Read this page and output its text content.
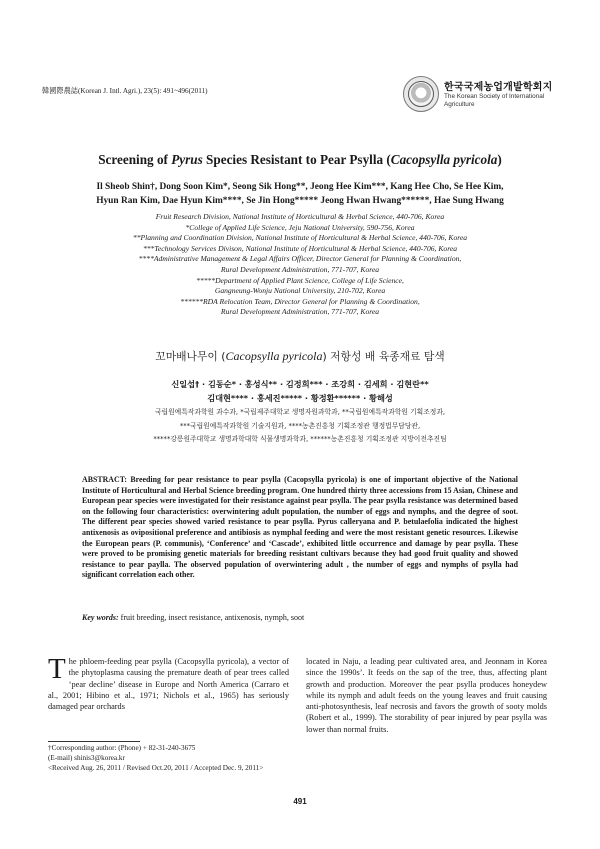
韓國際農誌(Korean J. Intl. Agri.), 23(5): 491~496(2011)	한국국제농업개발학회지
The Korean Society of International
Agriculture
Screening of Pyrus Species Resistant to Pear Psylla (Cacopsylla pyricola)
Il Sheob Shin†, Dong Soon Kim*, Seong Sik Hong**, Jeong Hee Kim***, Kang Hee Cho, Se Hee Kim,
Hyun Ran Kim, Dae Hyun Kim****, Se Jin Hong***** Jeong Hwan Hwang******, Hae Sung Hwang
Fruit Research Division, National Institute of Horticultural & Herbal Science, 440-706, Korea
*College of Applied Life Science, Jeju National University, 590-756, Korea
**Planning and Coordination Division, National Institute of Horticultural & Herbal Science, 440-706, Korea
***Technology Services Divison, National Institute of Horticultural & Herbal Science, 440-706, Korea
****Administrative Management & Legal Affairs Officer, Director General for Planning & Coordination,
Rural Development Administration, 771-707, Korea
*****Department of Applied Plant Science, College of Life Science,
Gangneung-Wonju National University, 210-702, Korea
******RDA Relocation Team, Director General for Planning & Coordination,
Rural Development Administration, 771-707, Korea
꼬마배나무이 (Cacopsylla pyricola) 저항성 배 육종재료 탐색
신일섭† · 김동순* · 홍성식** · 김정희*** · 조강희 · 김세희 · 김현란**
김대현**** · 홍세진***** · 황정환****** · 황해성
국립원예특작과학원 과수과, *국립제주대학교 생명자원과학과, **국립원예특작과학원 기획조정과,
***국립원예특작과학원 기술지원과, ****농촌진흥청 기획조정관 행정법무담당관,
*****강릉원주대학교 생명과학대학 식물생명과학과, ******농촌진흥청 기획조정관 지방이전추진팀
ABSTRACT: Breeding for pear resistance to pear psylla (Cacopsylla pyricola) is one of important objective of the National Institute of Horticultural and Herbal Science breeding program. One hundred thirty three accessions from 15 Asian, Chinese and European pear species were investigated for their resistance against pear psylla. The pear psylla resistance was determined based on the following four characteristics: overwintering adult population, the number of eggs and nymphs, and the degree of soot. The different pear species showed varied resistance to pear psylla. Pyrus calleryana and P. betulaefolia indicated the highest antixenosis as ovipositional preference and antibiosis as nymphal feeding and were the most resistant genetic resources. Likewise the European pears (P. communis), ‘Conference’ and ‘Cascade’, exhibited little occurrence and damage by pear psylla. These were proved to be promising genetic materials for breeding resistant cultivars because they had good fruit quality and showed resistance to pear paylla. The observed population of overwintering adult , the number of eggs and nymphs of psylla had significant correlation each other.
Key words: fruit breeding, insect resistance, antixenosis, nymph, soot
The phloem-feeding pear psylla (Cacopsylla pyricola), a vector of the phytoplasma causing the premature death of pear trees called ‘pear decline’ disease in Europe and North America (Carraro et al., 2001; Hibino et al., 1971; Nichols et al., 1965) has seriously damaged pear orchards
located in Naju, a leading pear cultivated area, and Jeonnam in Korea since the 1990s’. It feeds on the sap of the tree, thus, affecting plant growth and production. Moreover the pear psylla produces honeydew while its nymph and adult feeds on the young leaves and fruit causing anti-photosynthesis, leaf necrosis and favors the growth of sooty molds (Robert et al., 1999). The storability of pear injured by pear psylla was lower than normal fruits.
†Corresponding author: (Phone) + 82-31-240-3675
(E-mail) shinis3@korea.kr
<Received Aug. 26, 2011 / Revised Oct.20, 2011 / Accepted Dec. 9, 2011>
491
